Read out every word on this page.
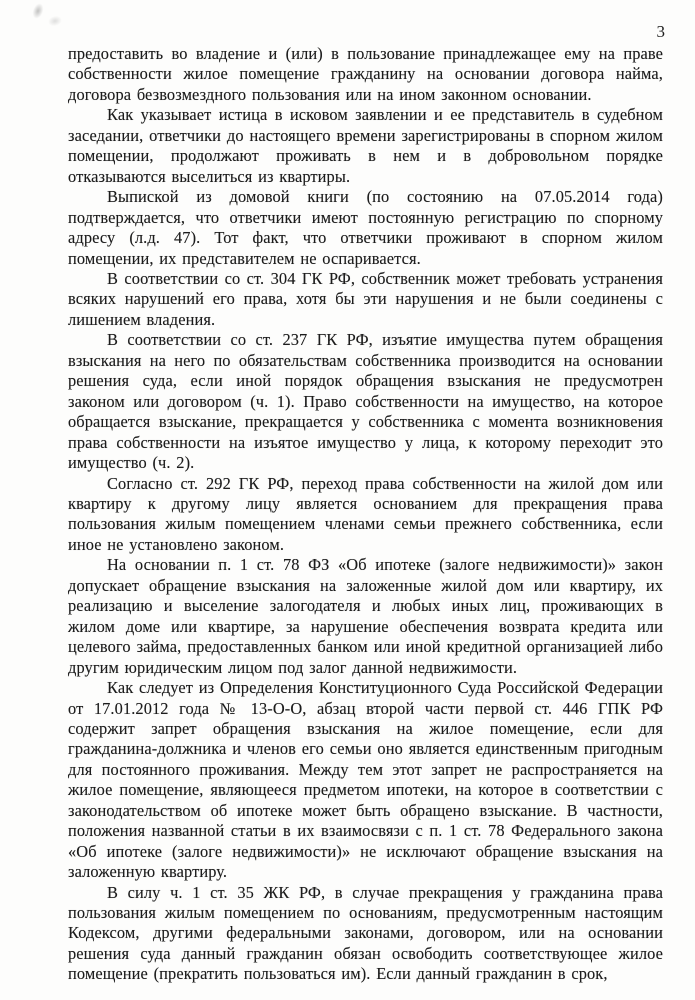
3

предоставить во владение и (или) в пользование принадлежащее ему на праве собственности жилое помещение гражданину на основании договора найма, договора безвозмездного пользования или на ином законном основании.

Как указывает истица в исковом заявлении и ее представитель в судебном заседании, ответчики до настоящего времени зарегистрированы в спорном жилом помещении, продолжают проживать в нем и в добровольном порядке отказываются выселиться из квартиры.

Выпиской из домовой книги (по состоянию на 07.05.2014 года) подтверждается, что ответчики имеют постоянную регистрацию по спорному адресу (л.д. 47). Тот факт, что ответчики проживают в спорном жилом помещении, их представителем не оспаривается.

В соответствии со ст. 304 ГК РФ, собственник может требовать устранения всяких нарушений его права, хотя бы эти нарушения и не были соединены с лишением владения.

В соответствии со ст. 237 ГК РФ, изъятие имущества путем обращения взыскания на него по обязательствам собственника производится на основании решения суда, если иной порядок обращения взыскания не предусмотрен законом или договором (ч. 1). Право собственности на имущество, на которое обращается взыскание, прекращается у собственника с момента возникновения права собственности на изъятое имущество у лица, к которому переходит это имущество (ч. 2).

Согласно ст. 292 ГК РФ, переход права собственности на жилой дом или квартиру к другому лицу является основанием для прекращения права пользования жилым помещением членами семьи прежнего собственника, если иное не установлено законом.

На основании п. 1 ст. 78 ФЗ «Об ипотеке (залоге недвижимости)» закон допускает обращение взыскания на заложенные жилой дом или квартиру, их реализацию и выселение залогодателя и любых иных лиц, проживающих в жилом доме или квартире, за нарушение обеспечения возврата кредита или целевого займа, предоставленных банком или иной кредитной организацией либо другим юридическим лицом под залог данной недвижимости.

Как следует из Определения Конституционного Суда Российской Федерации от 17.01.2012 года № 13-О-О, абзац второй части первой ст. 446 ГПК РФ содержит запрет обращения взыскания на жилое помещение, если для гражданина-должника и членов его семьи оно является единственным пригодным для постоянного проживания. Между тем этот запрет не распространяется на жилое помещение, являющееся предметом ипотеки, на которое в соответствии с законодательством об ипотеке может быть обращено взыскание. В частности, положения названной статьи в их взаимосвязи с п. 1 ст. 78 Федерального закона «Об ипотеке (залоге недвижимости)» не исключают обращение взыскания на заложенную квартиру.

В силу ч. 1 ст. 35 ЖК РФ, в случае прекращения у гражданина права пользования жилым помещением по основаниям, предусмотренным настоящим Кодексом, другими федеральными законами, договором, или на основании решения суда данный гражданин обязан освободить соответствующее жилое помещение (прекратить пользоваться им). Если данный гражданин в срок,
